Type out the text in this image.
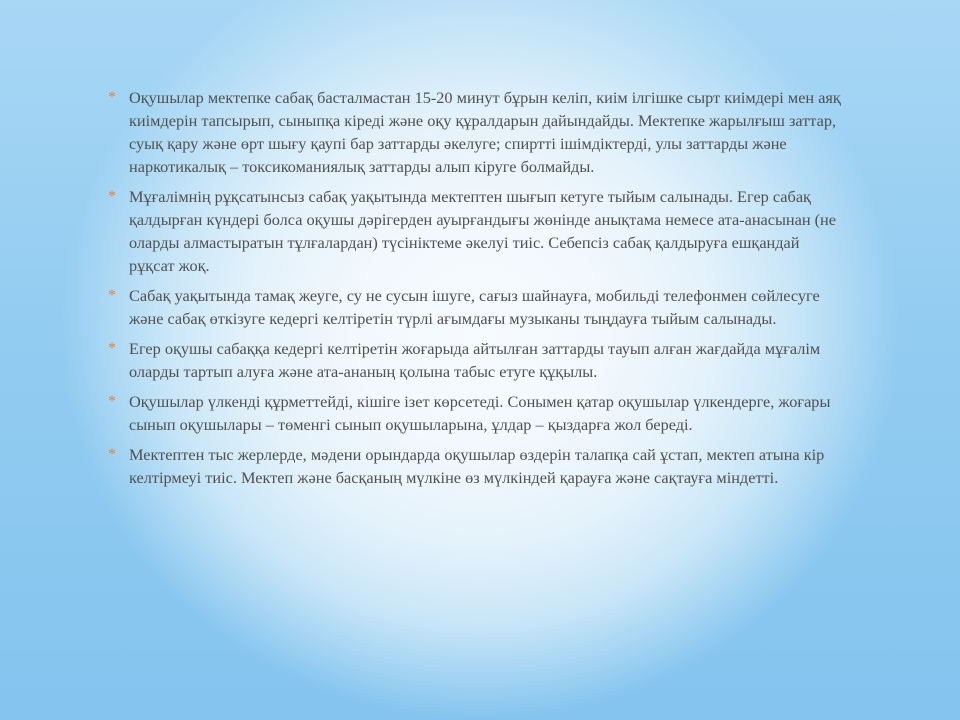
* Оқушылар мектепке сабақ басталмастан 15-20 минут бұрын келіп, киім ілгішке сырт киімдері мен аяқ киімдерін тапсырып, сыныпқа кіреді және оқу құралдарын дайындайды. Мектепке жарылғыш заттар, суық қару және өрт шығу қаупі бар заттарды әкелуге; спиртті ішімдіктерді, улы заттарды және наркотикалық – токсикоманиялық заттарды алып кіруге болмайды.
* Мұғалімнің рұқсатынсыз сабақ уақытында мектептен шығып кетуге тыйым салынады. Егер сабақ қалдырған күндері болса оқушы дәрігерден ауырғандығы жөнінде анықтама немесе ата-анасынан (не оларды алмастыратын тұлғалардан) түсініктеме әкелуі тиіс. Себепсіз сабақ қалдыруға ешқандай рұқсат жоқ.
* Сабақ уақытында тамақ жеуге, су не сусын ішуге, сағыз шайнауға, мобильді телефонмен сөйлесуге және сабақ өткізуге кедергі келтіретін түрлі ағымдағы музыканы тыңдауға тыйым салынады.
* Егер оқушы сабаққа кедергі келтіретін жоғарыда айтылған заттарды тауып алған жағдайда мұғалім оларды тартып алуға және ата-ананың қолына табыс етуге құқылы.
* Оқушылар үлкенді құрметтейді, кішіге ізет көрсетеді. Сонымен қатар оқушылар үлкендерге, жоғары сынып оқушылары – төменгі сынып оқушыларына, ұлдар – қыздарға жол береді.
* Мектептен тыс жерлерде, мәдени орындарда оқушылар өздерін талапқа сай ұстап, мектеп атына кір келтірмеуі тиіс. Мектеп және басқаның мүлкіне өз мүлкіндей қарауға және сақтауға міндетті.
